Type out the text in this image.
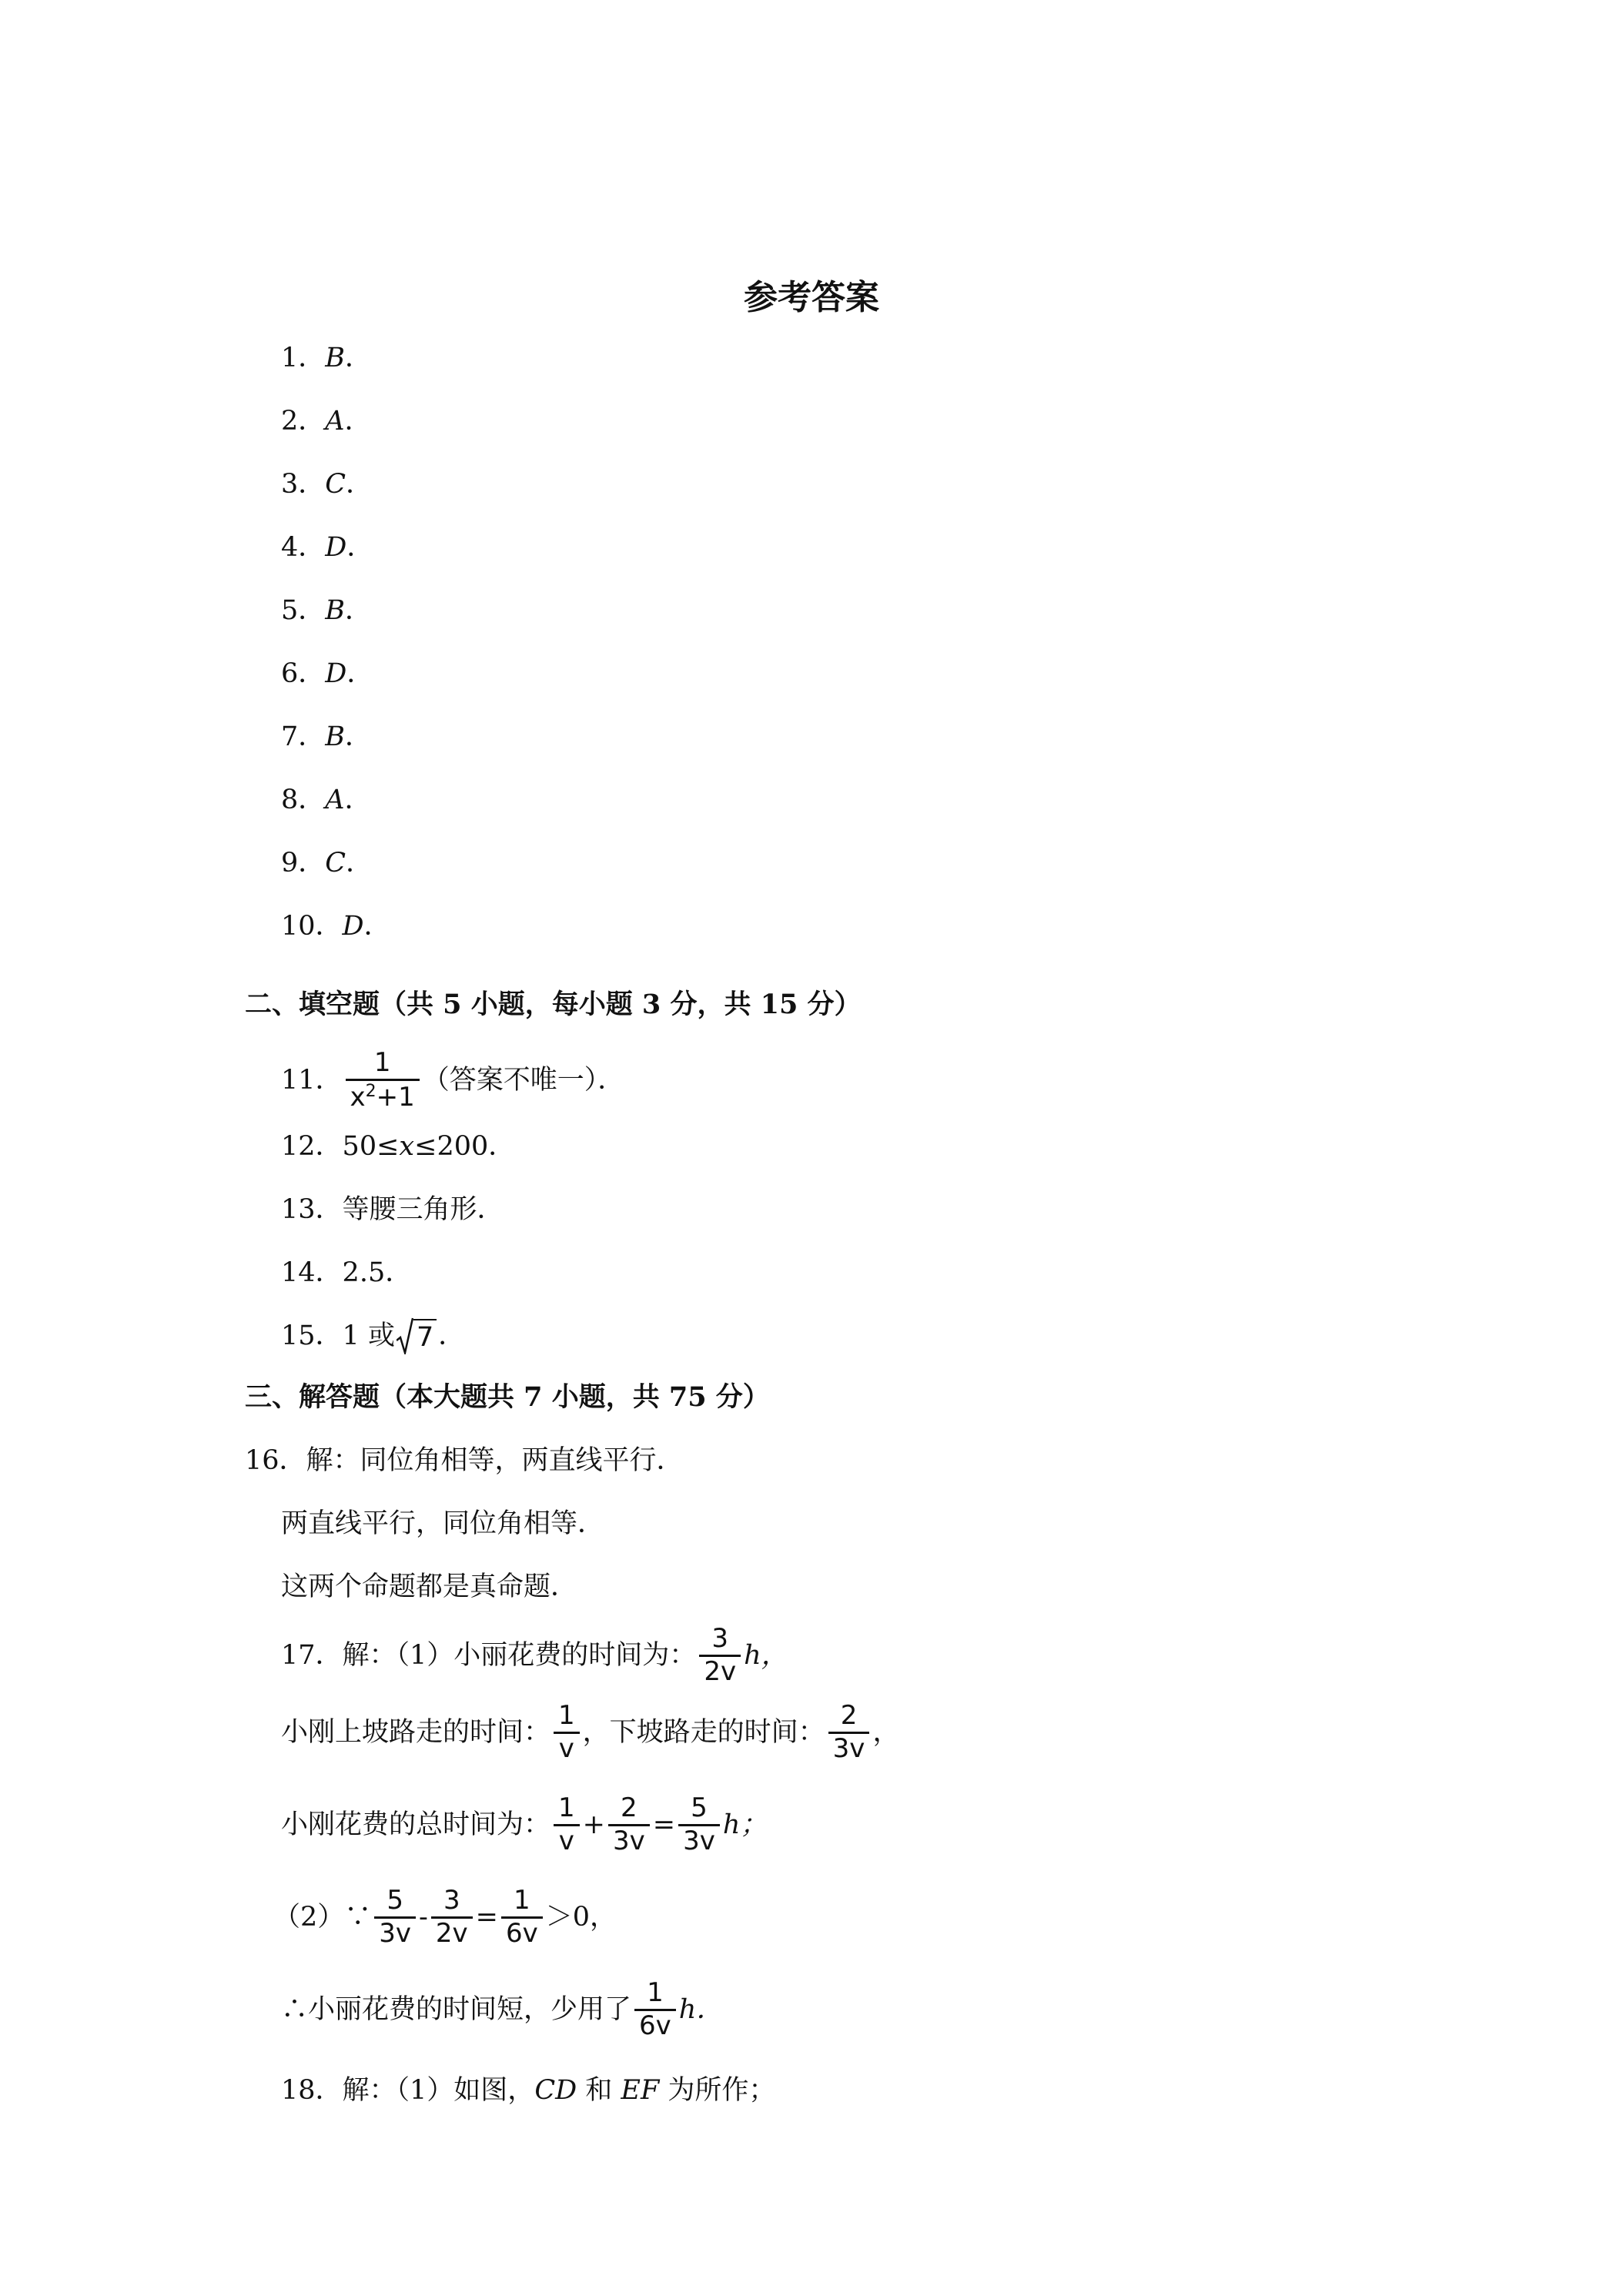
参考答案
1． B ．
2． A ．
3． C ．
4． D ．
5． B ．
6． D ．
7． B ．
8． A ．
9． C ．
10． D ．
二、填空题（共 5 小题，每小题 3 分，共 15 分）
11． $\frac{1}{x^2+1}$ （答案不唯一）．
12． 50≤ x ≤200．
13． 等腰三角形．
14． 2.5．
15． 1 或 7 ．
三、解答题（本大题共 7 小题，共 75 分）
16．解：同位角相等，两直线平行．
两直线平行，同位角相等．
这两个命题都是真命题．
17．解：（1）小丽花费的时间为： $\frac{3}{2v}$ h，
小刚上坡路走的时间： $\frac{1}{v}$ ，下坡路走的时间： $\frac{2}{3v}$ ，
小刚花费的总时间为： $\frac{1}{v} + \frac{2}{3v} = \frac{5}{3v}$ h；
（2）∵ $\frac{5}{3v} - \frac{3}{2v} = \frac{1}{6v} >0$，
∴小丽花费的时间短，少用了 $\frac{1}{6v}$ h．
18．解：（1）如图， CD 和 EF 为所作；
